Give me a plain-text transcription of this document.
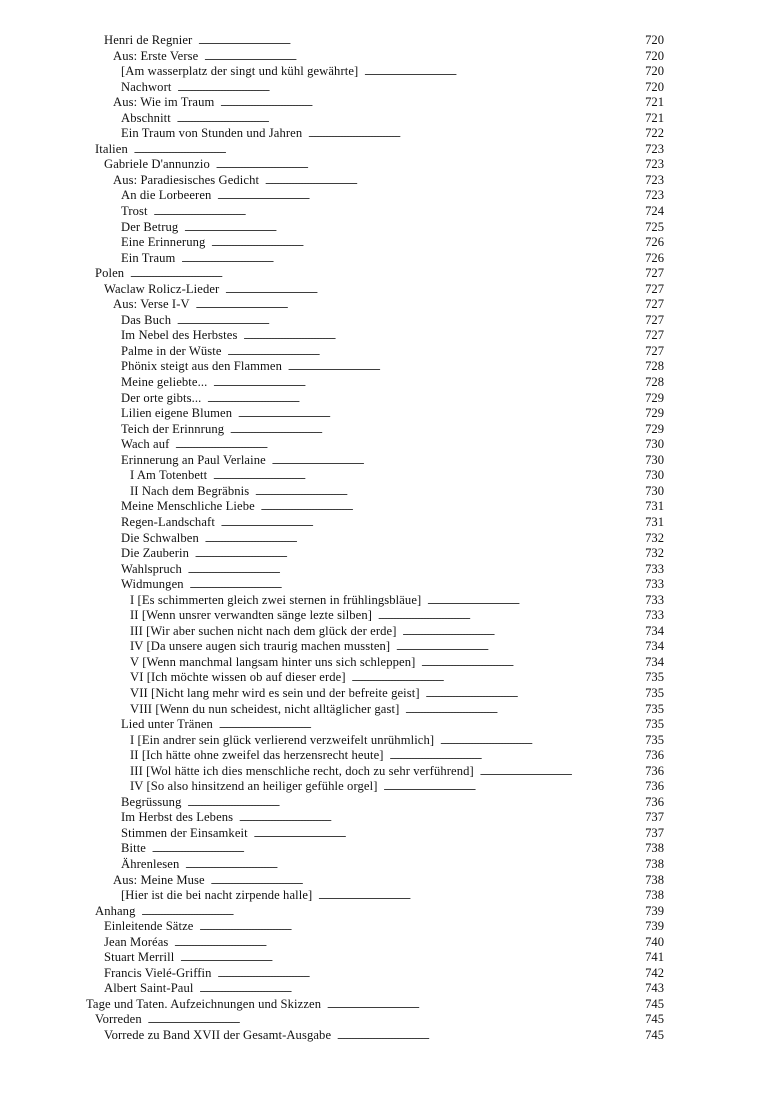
Henri de Regnier . . .	720
Aus: Erste Verse . . .	720
[Am wasserplatz der singt und kühl gewährte] . . .	720
Nachwort . . .	720
Aus: Wie im Traum . . .	721
Abschnitt . . .	721
Ein Traum von Stunden und Jahren . . .	722
Italien . . .	723
Gabriele D'annunzio . . .	723
Aus: Paradiesisches Gedicht . . .	723
An die Lorbeeren . . .	723
Trost . . .	724
Der Betrug . . .	725
Eine Erinnerung . . .	726
Ein Traum . . .	726
Polen . . .	727
Waclaw Rolicz-Lieder . . .	727
Aus: Verse I-V . . .	727
Das Buch . . .	727
Im Nebel des Herbstes . . .	727
Palme in der Wüste . . .	727
Phönix steigt aus den Flammen . . .	728
Meine geliebte... . . .	728
Der orte gibts... . . .	729
Lilien eigene Blumen . . .	729
Teich der Erinnrung . . .	729
Wach auf . . .	730
Erinnerung an Paul Verlaine . . .	730
I Am Totenbett . . .	730
II Nach dem Begräbnis . . .	730
Meine Menschliche Liebe . . .	731
Regen-Landschaft . . .	731
Die Schwalben . . .	732
Die Zauberin . . .	732
Wahlspruch . . .	733
Widmungen . . .	733
I [Es schimmerten gleich zwei sternen in frühlingsbläue] . . .	733
II [Wenn unsrer verwandten sänge lezte silben] . . .	733
III [Wir aber suchen nicht nach dem glück der erde] . . .	734
IV [Da unsere augen sich traurig machen mussten] . . .	734
V [Wenn manchmal langsam hinter uns sich schleppen] . . .	734
VI [Ich möchte wissen ob auf dieser erde] . . .	735
VII [Nicht lang mehr wird es sein und der befreite geist] . . .	735
VIII [Wenn du nun scheidest, nicht alltäglicher gast] . . .	735
Lied unter Tränen . . .	735
I [Ein andrer sein glück verlierend verzweifelt unrühmlich] . . .	735
II [Ich hätte ohne zweifel das herzensrecht heute] . . .	736
III [Wol hätte ich dies menschliche recht, doch zu sehr verführend] . . .	736
IV [So also hinsitzend an heiliger gefühle orgel] . . .	736
Begrüssung . . .	736
Im Herbst des Lebens . . .	737
Stimmen der Einsamkeit . . .	737
Bitte . . .	738
Ährenlesen . . .	738
Aus: Meine Muse . . .	738
[Hier ist die bei nacht zirpende halle] . . .	738
Anhang . . .	739
Einleitende Sätze . . .	739
Jean Moréas . . .	740
Stuart Merrill . . .	741
Francis Vielé-Griffin . . .	742
Albert Saint-Paul . . .	743
Tage und Taten. Aufzeichnungen und Skizzen . . .	745
Vorreden . . .	745
Vorrede zu Band XVII der Gesamt-Ausgabe . . .	745
